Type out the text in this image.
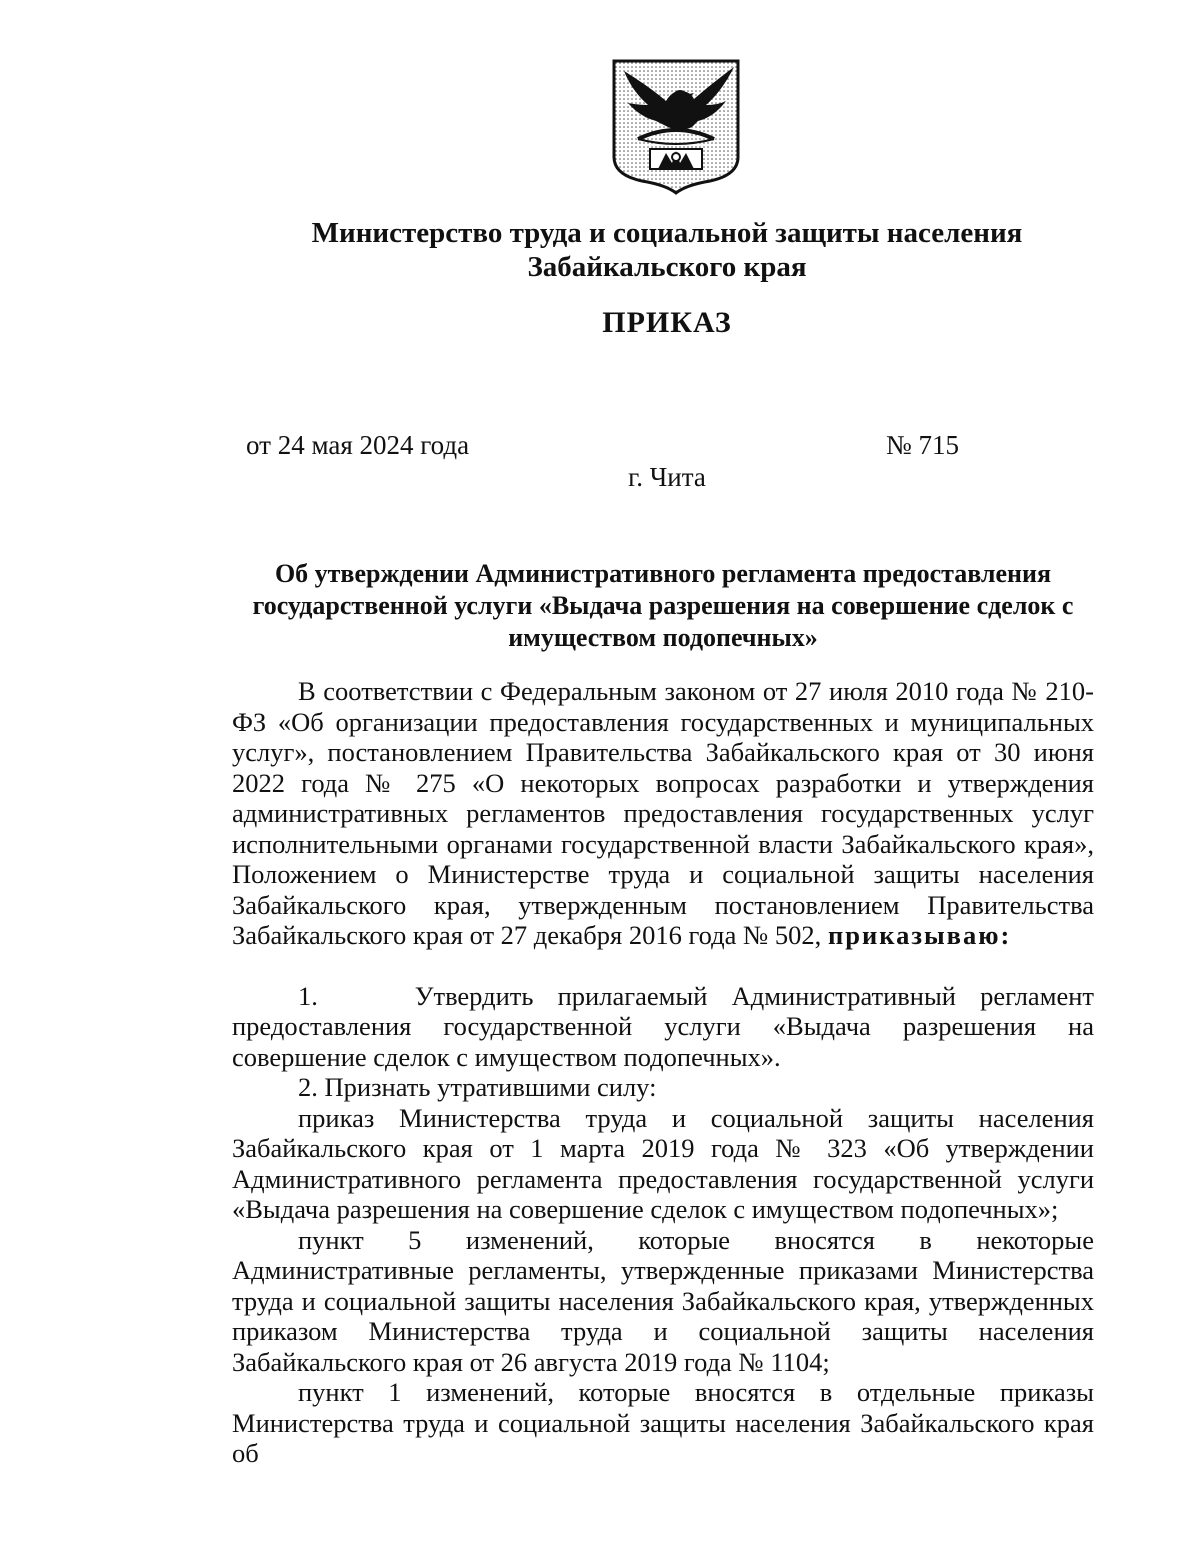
Министерство труда и социальной защиты населения
Забайкальского края
ПРИКАЗ
от 24 мая 2024 года	№ 715
г. Чита
Об утверждении Административного регламента предоставления
государственной услуги «Выдача разрешения на совершение сделок с
имуществом подопечных»

В соответствии с Федеральным законом от 27 июля 2010 года № 210-ФЗ «Об организации предоставления государственных и муниципальных услуг», постановлением Правительства Забайкальского края от 30 июня 2022 года № 275 «О некоторых вопросах разработки и утверждения административных регламентов предоставления государственных услуг исполнительными органами государственной власти Забайкальского края», Положением о Министерстве труда и социальной защиты населения Забайкальского края, утвержденным постановлением Правительства Забайкальского края от 27 декабря 2016 года № 502, приказываю:

1.    Утвердить прилагаемый Административный регламент предоставления государственной услуги «Выдача разрешения на совершение сделок с имуществом подопечных».

2. Признать утратившими силу:

приказ Министерства труда и социальной защиты населения Забайкальского края от 1 марта 2019 года № 323 «Об утверждении Административного регламента предоставления государственной услуги «Выдача разрешения на совершение сделок с имуществом подопечных»;

пункт 5 изменений, которые вносятся в некоторые Административные регламенты, утвержденные приказами Министерства труда и социальной защиты населения Забайкальского края, утвержденных приказом Министерства труда и социальной защиты населения Забайкальского края от 26 августа 2019 года № 1104;

пункт 1 изменений, которые вносятся в отдельные приказы Министерства труда и социальной защиты населения Забайкальского края об
